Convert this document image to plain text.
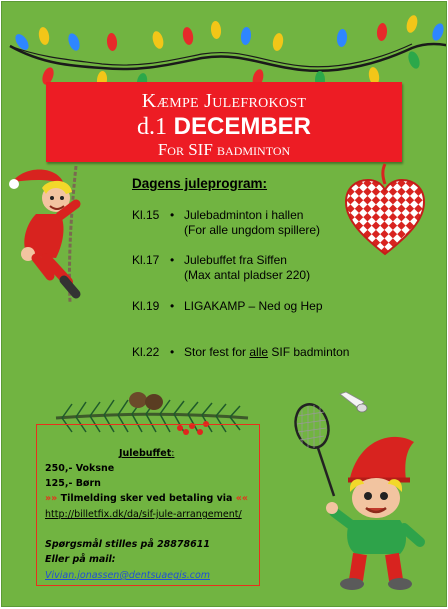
Kæmpe Julefrokost
d.1 DECEMBER
For SIF badminton
Dagens juleprogram:
Kl.15 • Julebadminton i hallen
(For alle ungdom spillere)
Kl.17 • Julebuffet fra Siffen
(Max antal pladser 220)
Kl.19 • LIGAKAMP – Ned og Hep
Kl.22 • Stor fest for alle SIF badminton
Julebuffet:
250,- Voksne
125,- Børn
»» Tilmelding sker ved betaling via ««
http://billetfix.dk/da/sif-jule-arrangement/
Spørgsmål stilles på 28878611
Eller på mail:
Vivian.jonassen@dentsuaegis.com
